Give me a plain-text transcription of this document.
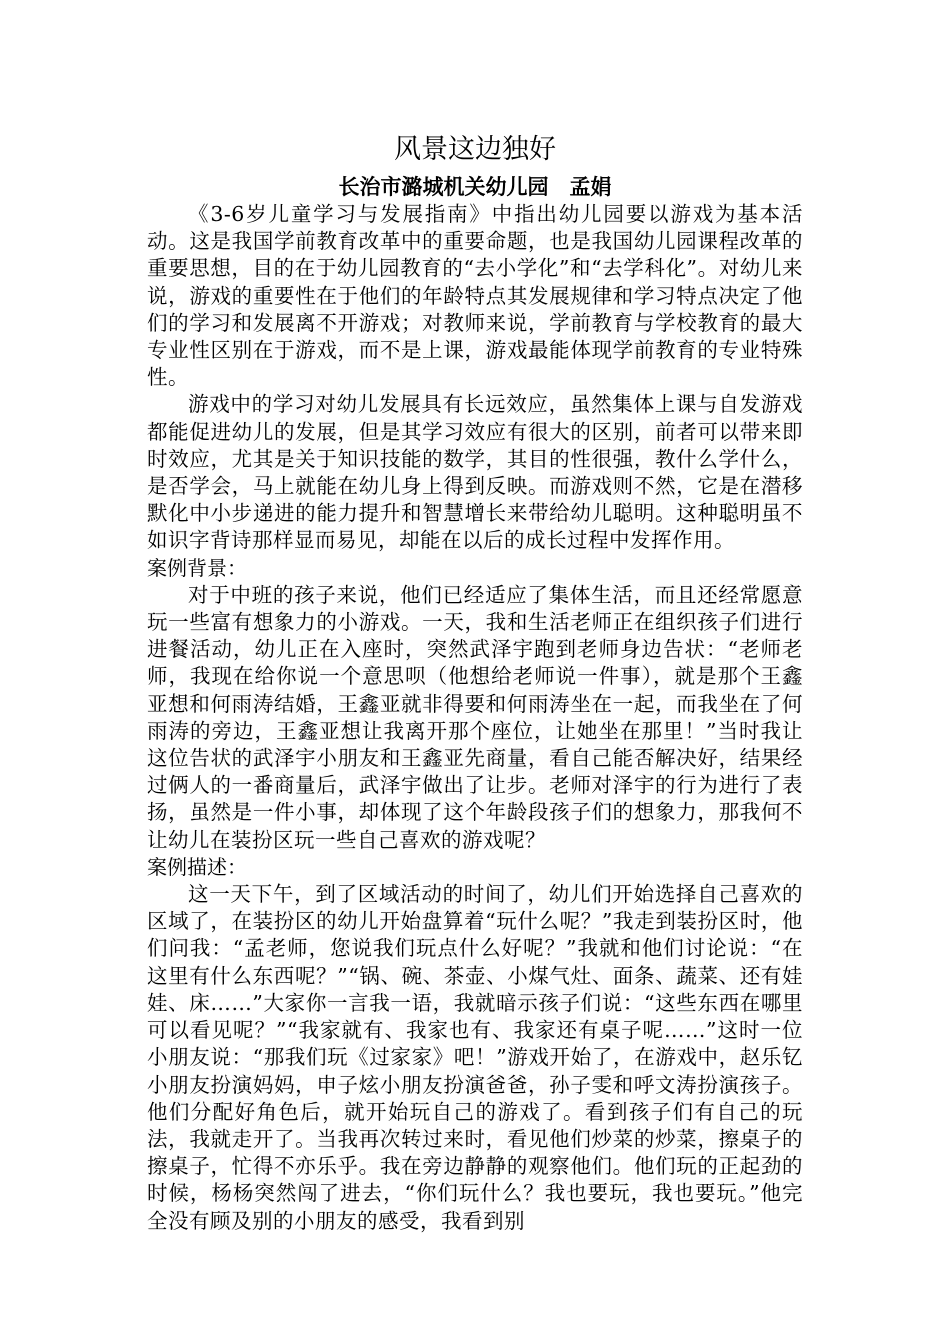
风景这边独好
长治市潞城机关幼儿园　孟娟

《3-6岁儿童学习与发展指南》中指出幼儿园要以游戏为基本活动。这是我国学前教育改革中的重要命题，也是我国幼儿园课程改革的重要思想，目的在于幼儿园教育的“去小学化”和“去学科化”。对幼儿来说，游戏的重要性在于他们的年龄特点其发展规律和学习特点决定了他们的学习和发展离不开游戏；对教师来说，学前教育与学校教育的最大专业性区别在于游戏，而不是上课，游戏最能体现学前教育的专业特殊性。

游戏中的学习对幼儿发展具有长远效应，虽然集体上课与自发游戏都能促进幼儿的发展，但是其学习效应有很大的区别，前者可以带来即时效应，尤其是关于知识技能的数学，其目的性很强，教什么学什么，是否学会，马上就能在幼儿身上得到反映。而游戏则不然，它是在潜移默化中小步递进的能力提升和智慧增长来带给幼儿聪明。这种聪明虽不如识字背诗那样显而易见，却能在以后的成长过程中发挥作用。

案例背景：

对于中班的孩子来说，他们已经适应了集体生活，而且还经常愿意玩一些富有想象力的小游戏。一天，我和生活老师正在组织孩子们进行进餐活动，幼儿正在入座时，突然武泽宇跑到老师身边告状：“老师老师，我现在给你说一个意思呗（他想给老师说一件事），就是那个王鑫亚想和何雨涛结婚，王鑫亚就非得要和何雨涛坐在一起，而我坐在了何雨涛的旁边，王鑫亚想让我离开那个座位，让她坐在那里！”当时我让这位告状的武泽宇小朋友和王鑫亚先商量，看自己能否解决好，结果经过俩人的一番商量后，武泽宇做出了让步。老师对泽宇的行为进行了表扬，虽然是一件小事，却体现了这个年龄段孩子们的想象力，那我何不让幼儿在装扮区玩一些自己喜欢的游戏呢？

案例描述：

这一天下午，到了区域活动的时间了，幼儿们开始选择自己喜欢的区域了，在装扮区的幼儿开始盘算着“玩什么呢？”我走到装扮区时，他们问我：“孟老师，您说我们玩点什么好呢？”我就和他们讨论说：“在这里有什么东西呢？”“锅、碗、茶壶、小煤气灶、面条、蔬菜、还有娃娃、床……”大家你一言我一语，我就暗示孩子们说：“这些东西在哪里可以看见呢？”“我家就有、我家也有、我家还有桌子呢……”这时一位小朋友说：“那我们玩《过家家》吧！”游戏开始了，在游戏中，赵乐钇小朋友扮演妈妈，申子炫小朋友扮演爸爸，孙子雯和呼文涛扮演孩子。他们分配好角色后，就开始玩自己的游戏了。看到孩子们有自己的玩法，我就走开了。当我再次转过来时，看见他们炒菜的炒菜，擦桌子的擦桌子，忙得不亦乐乎。我在旁边静静的观察他们。他们玩的正起劲的时候，杨杨突然闯了进去，“你们玩什么？我也要玩，我也要玩。”他完全没有顾及别的小朋友的感受，我看到别
